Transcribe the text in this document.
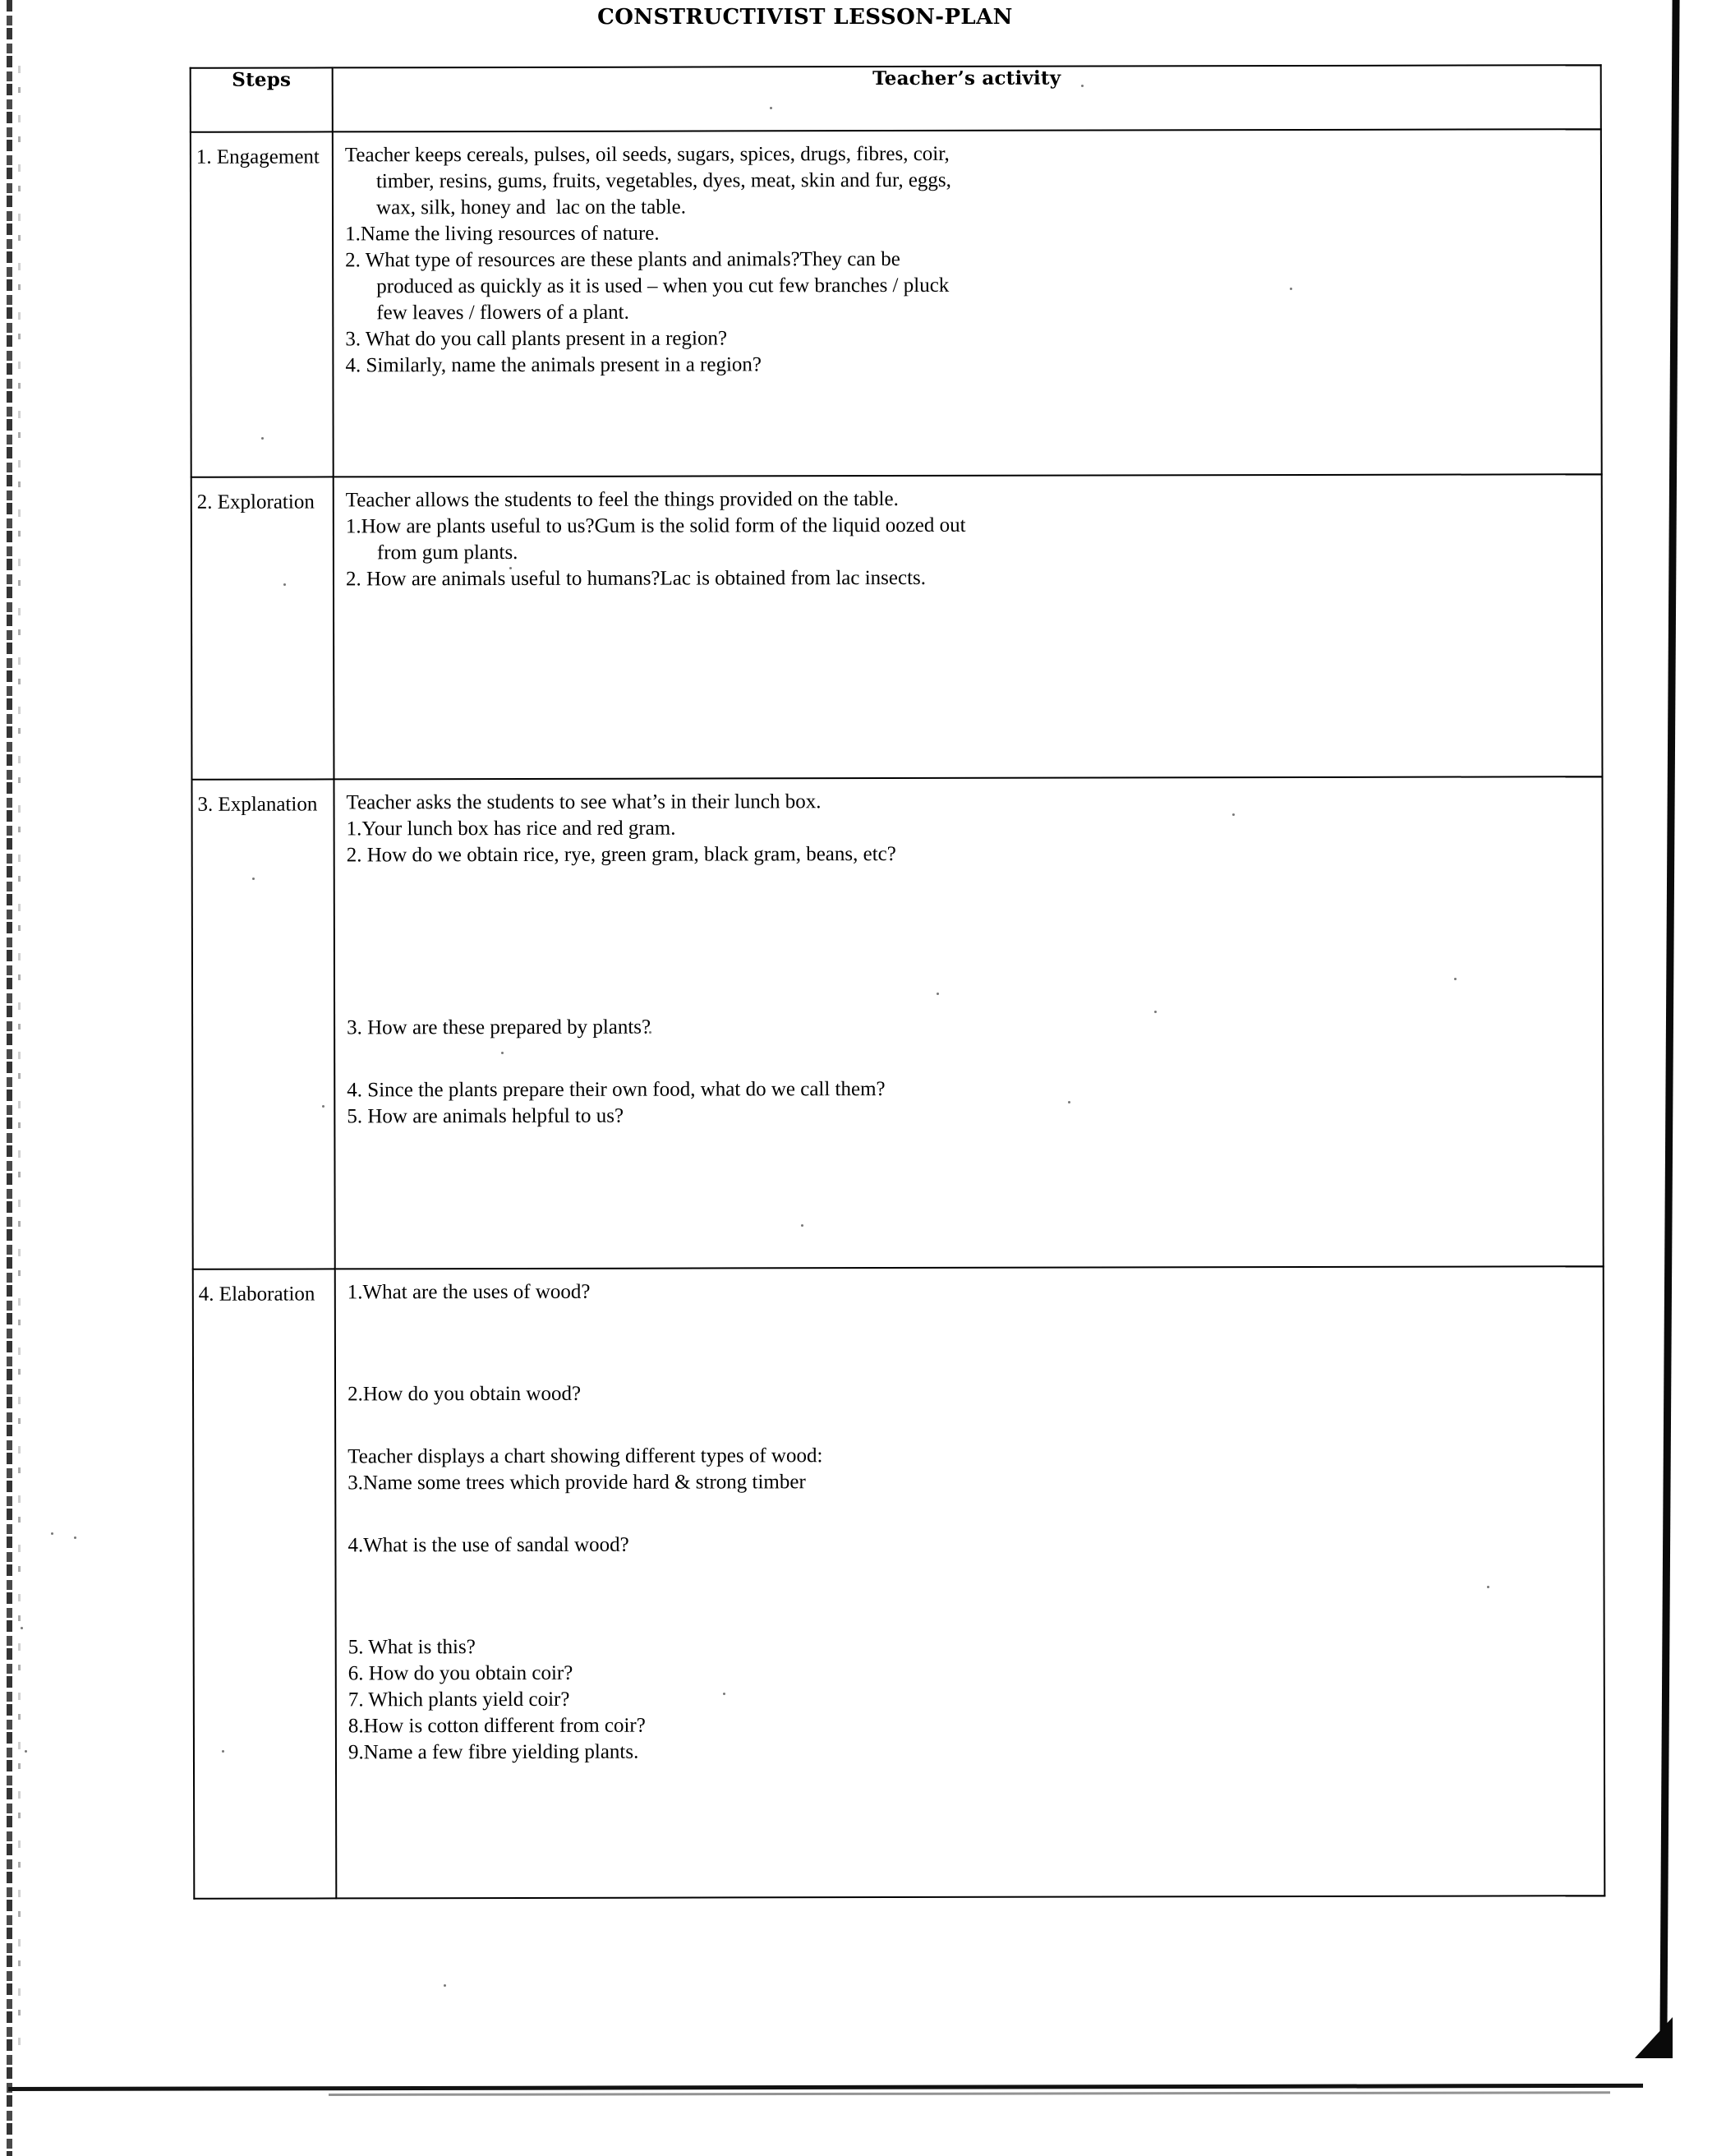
CONSTRUCTIVIST LESSON-PLAN
Steps	Teacher’s activity
1. Engagement	Teacher keeps cereals, pulses, oil seeds, sugars, spices, drugs, fibres, coir,
timber, resins, gums, fruits, vegetables, dyes, meat, skin and fur, eggs,
wax, silk, honey and  lac on the table.
1.Name the living resources of nature.
2. What type of resources are these plants and animals?They can be
produced as quickly as it is used – when you cut few branches / pluck
few leaves / flowers of a plant.
3. What do you call plants present in a region?
4. Similarly, name the animals present in a region?

2. Exploration	Teacher allows the students to feel the things provided on the table.
1.How are plants useful to us?Gum is the solid form of the liquid oozed out
from gum plants.
2. How are animals useful to humans?Lac is obtained from lac insects.

3. Explanation	Teacher asks the students to see what’s in their lunch box.
1.Your lunch box has rice and red gram.
2. How do we obtain rice, rye, green gram, black gram, beans, etc?
3. How are these prepared by plants?
4. Since the plants prepare their own food, what do we call them?
5. How are animals helpful to us?

4. Elaboration	1.What are the uses of wood?
2.How do you obtain wood?
Teacher displays a chart showing different types of wood:
3.Name some trees which provide hard & strong timber
4.What is the use of sandal wood?
5. What is this?
6. How do you obtain coir?
7. Which plants yield coir?
8.How is cotton different from coir?
9.Name a few fibre yielding plants.
